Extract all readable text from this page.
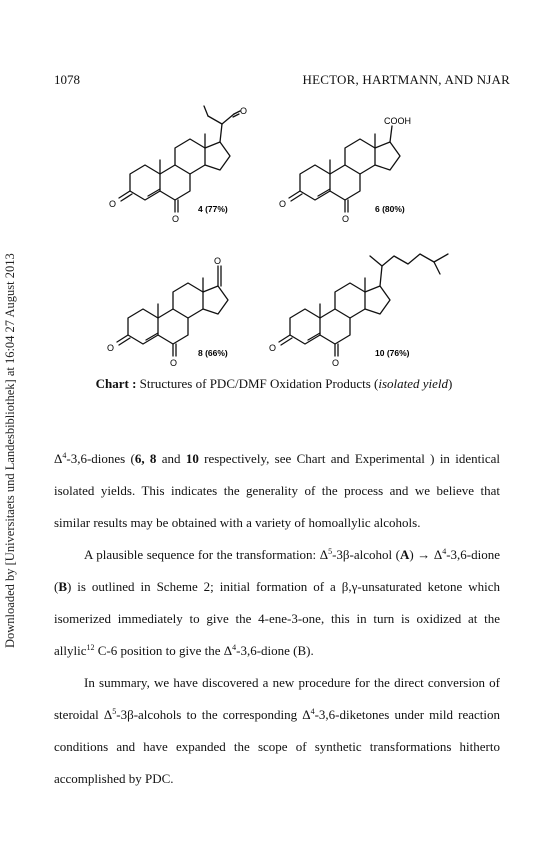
1078	HECTOR, HARTMANN, AND NJAR
Downloaded by [Universitaets und Landesbibliothek] at 16:04 27 August 2013
O
O
O
4 (77%)
COOH
O
O
6 (80%)
O
O
O
8 (66%)	O
O
10 (76%)
Chart : Structures of PDC/DMF Oxidation Products (isolated yield)

$\Delta^4-3,6$-diones (6, 8 and 10 respectively, see Chart and Experimental ) in identical isolated yields. This indicates the generality of the process and we believe that similar results may be obtained with a variety of homoallylic alcohols.

A plausible sequence for the transformation: $\Delta^5-3\beta$-alcohol $(A) \to \Delta^4-3,6$-dione (B) is outlined in Scheme 2; initial formation of a β,γ-unsaturated ketone which isomerized immediately to give the 4-ene-3-one, this in turn is oxidized at the allylic$^{12}$ C-6 position to give the $\Delta^4-3,6$-dione (B).

In summary, we have discovered a new procedure for the direct conversion of steroidal $\Delta^5-3\beta$-alcohols to the corresponding $\Delta^4-3,6$-diketones under mild reaction conditions and have expanded the scope of synthetic transformations hitherto accomplished by PDC.
